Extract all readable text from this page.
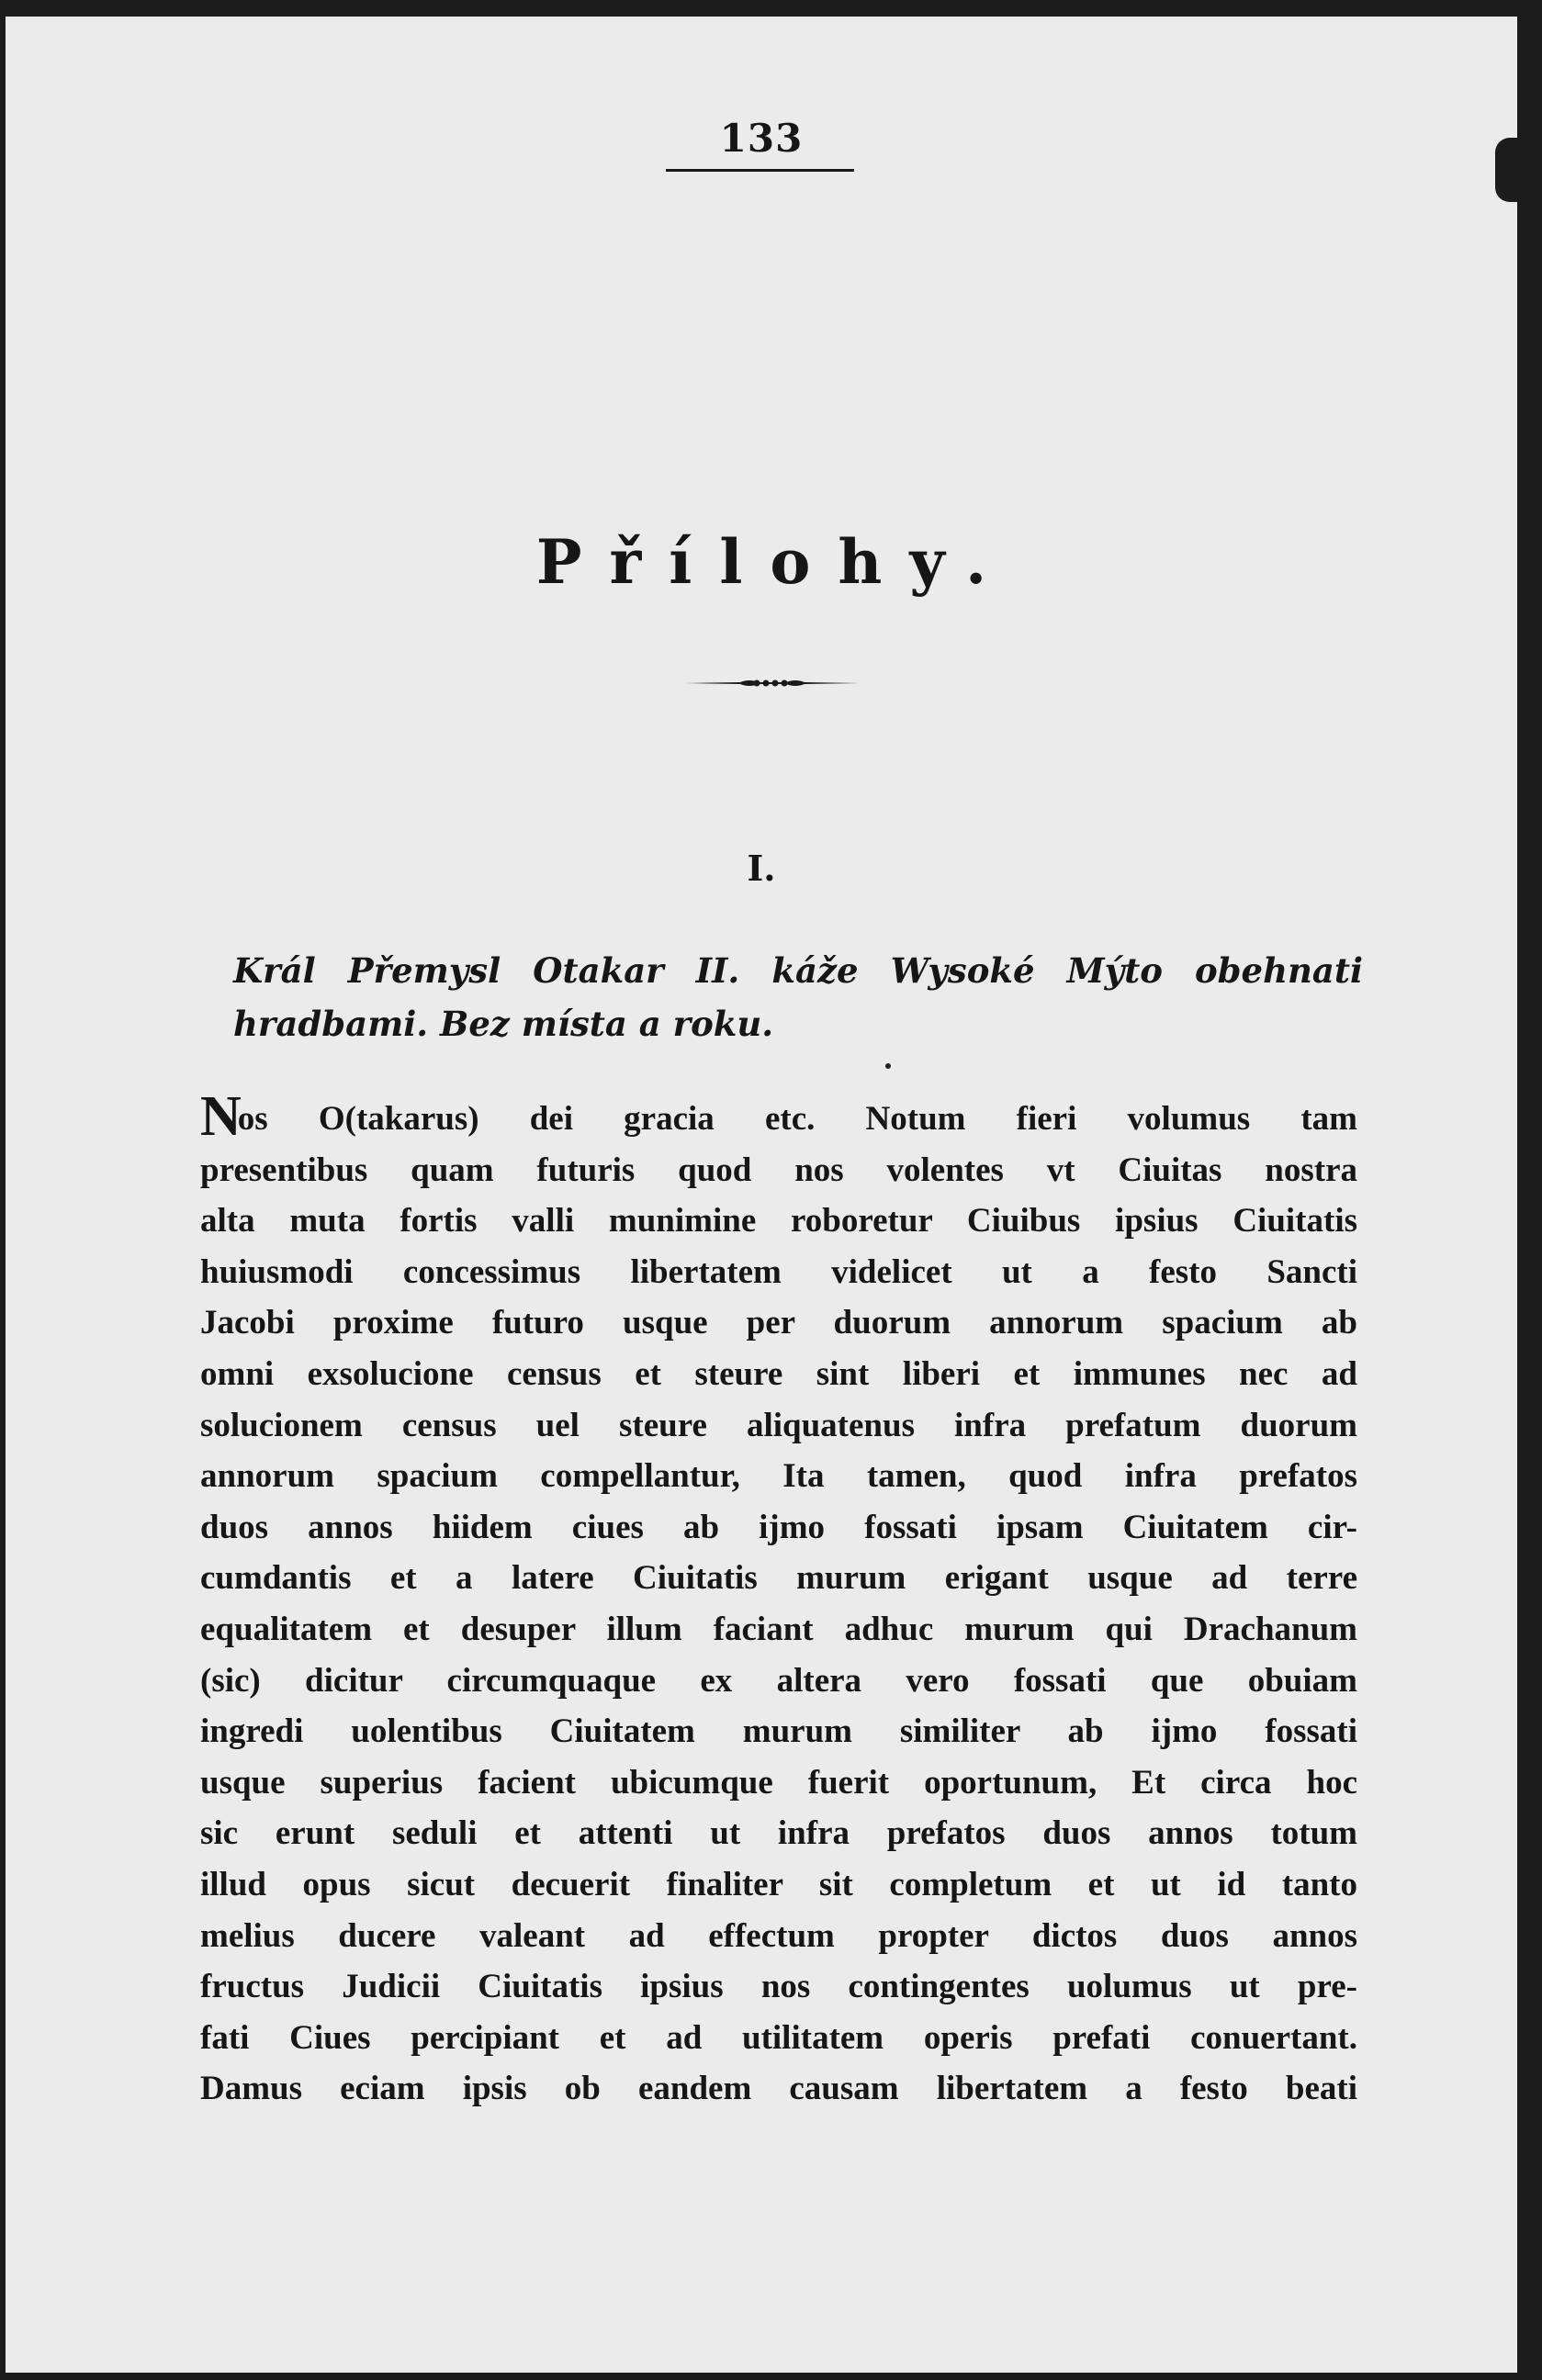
133
Přílohy.
I.
Král Přemysl Otakar II. káže Wysoké Mýto obehnati
hradbami. Bez místa a roku.
Nos O(takarus) dei gracia etc. Notum fieri volumus tam
presentibus quam futuris quod nos volentes vt Ciuitas nostra
alta muta fortis valli munimine roboretur Ciuibus ipsius Ciuitatis
huiusmodi concessimus libertatem videlicet ut a festo Sancti
Jacobi proxime futuro usque per duorum annorum spacium ab
omni exsolucione census et steure sint liberi et immunes nec ad
solucionem census uel steure aliquatenus infra prefatum duorum
annorum spacium compellantur, Ita tamen, quod infra prefatos
duos annos hiidem ciues ab ijmo fossati ipsam Ciuitatem cir-
cumdantis et a latere Ciuitatis murum erigant usque ad terre
equalitatem et desuper illum faciant adhuc murum qui Drachanum
(sic) dicitur circumquaque ex altera vero fossati que obuiam
ingredi uolentibus Ciuitatem murum similiter ab ijmo fossati
usque superius facient ubicumque fuerit oportunum, Et circa hoc
sic erunt seduli et attenti ut infra prefatos duos annos totum
illud opus sicut decuerit finaliter sit completum et ut id tanto
melius ducere valeant ad effectum propter dictos duos annos
fructus Judicii Ciuitatis ipsius nos contingentes uolumus ut pre-
fati Ciues percipiant et ad utilitatem operis prefati conuertant.
Damus eciam ipsis ob eandem causam libertatem a festo beati
